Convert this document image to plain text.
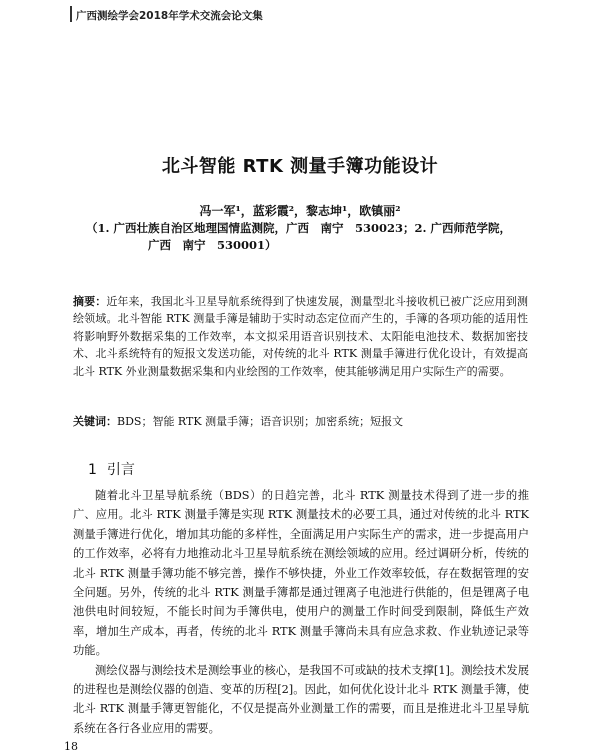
广西测绘学会2018年学术交流会论文集
北斗智能 RTK 测量手簿功能设计
冯一军¹，蓝彩霞²，黎志坤¹，欧镇丽²
（1. 广西壮族自治区地理国情监测院，广西　南宁　530023；2. 广西师范学院，
广西　南宁　530001）
摘要：近年来，我国北斗卫星导航系统得到了快速发展，测量型北斗接收机已被广泛应用到测绘领域。北斗智能 RTK 测量手簿是辅助于实时动态定位而产生的，手簿的各项功能的适用性将影响野外数据采集的工作效率，本文拟采用语音识别技术、太阳能电池技术、数据加密技术、北斗系统特有的短报文发送功能，对传统的北斗 RTK 测量手簿进行优化设计，有效提高北斗 RTK 外业测量数据采集和内业绘图的工作效率，使其能够满足用户实际生产的需要。
关键词：BDS；智能 RTK 测量手簿；语音识别；加密系统；短报文
1 引言

随着北斗卫星导航系统（BDS）的日趋完善，北斗 RTK 测量技术得到了进一步的推广、应用。北斗 RTK 测量手簿是实现 RTK 测量技术的必要工具，通过对传统的北斗 RTK 测量手簿进行优化，增加其功能的多样性，全面满足用户实际生产的需求，进一步提高用户的工作效率，必将有力地推动北斗卫星导航系统在测绘领域的应用。经过调研分析，传统的北斗 RTK 测量手簿功能不够完善，操作不够快捷，外业工作效率较低，存在数据管理的安全问题。另外，传统的北斗 RTK 测量手簿都是通过锂离子电池进行供能的，但是锂离子电池供电时间较短，不能长时间为手簿供电，使用户的测量工作时间受到限制，降低生产效率，增加生产成本，再者，传统的北斗 RTK 测量手簿尚未具有应急求救、作业轨迹记录等功能。

测绘仪器与测绘技术是测绘事业的核心，是我国不可或缺的技术支撑[1]。测绘技术发展的进程也是测绘仪器的创造、变革的历程[2]。因此，如何优化设计北斗 RTK 测量手簿，使北斗 RTK 测量手簿更智能化，不仅是提高外业测量工作的需要，而且是推进北斗卫星导航系统在各行各业应用的需要。

18
